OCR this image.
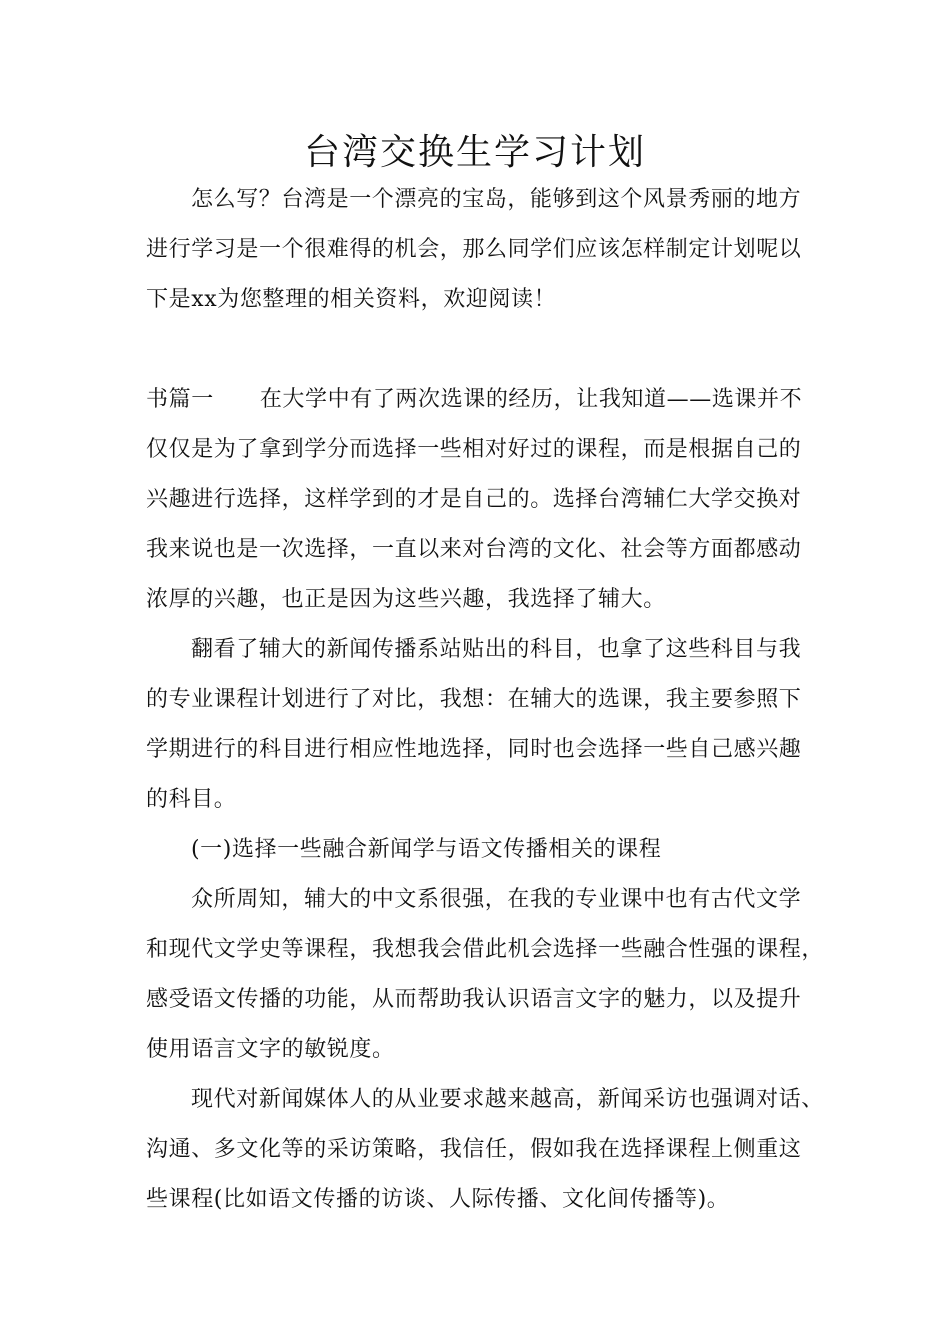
台湾交换生学习计划
怎么写？台湾是一个漂亮的宝岛，能够到这个风景秀丽的地方
进行学习是一个很难得的机会，那么同学们应该怎样制定计划呢以
下是xx为您整理的相关资料，欢迎阅读！
书篇一 在大学中有了两次选课的经历，让我知道——选课并不
仅仅是为了拿到学分而选择一些相对好过的课程，而是根据自己的
兴趣进行选择，这样学到的才是自己的。选择台湾辅仁大学交换对
我来说也是一次选择，一直以来对台湾的文化、社会等方面都感动
浓厚的兴趣，也正是因为这些兴趣，我选择了辅大。
翻看了辅大的新闻传播系站贴出的科目，也拿了这些科目与我
的专业课程计划进行了对比，我想：在辅大的选课，我主要参照下
学期进行的科目进行相应性地选择，同时也会选择一些自己感兴趣
的科目。
(一)选择一些融合新闻学与语文传播相关的课程
众所周知，辅大的中文系很强，在我的专业课中也有古代文学
和现代文学史等课程，我想我会借此机会选择一些融合性强的课程，
感受语文传播的功能，从而帮助我认识语言文字的魅力，以及提升
使用语言文字的敏锐度。
现代对新闻媒体人的从业要求越来越高，新闻采访也强调对话、
沟通、多文化等的采访策略，我信任，假如我在选择课程上侧重这
些课程(比如语文传播的访谈、人际传播、文化间传播等)。
